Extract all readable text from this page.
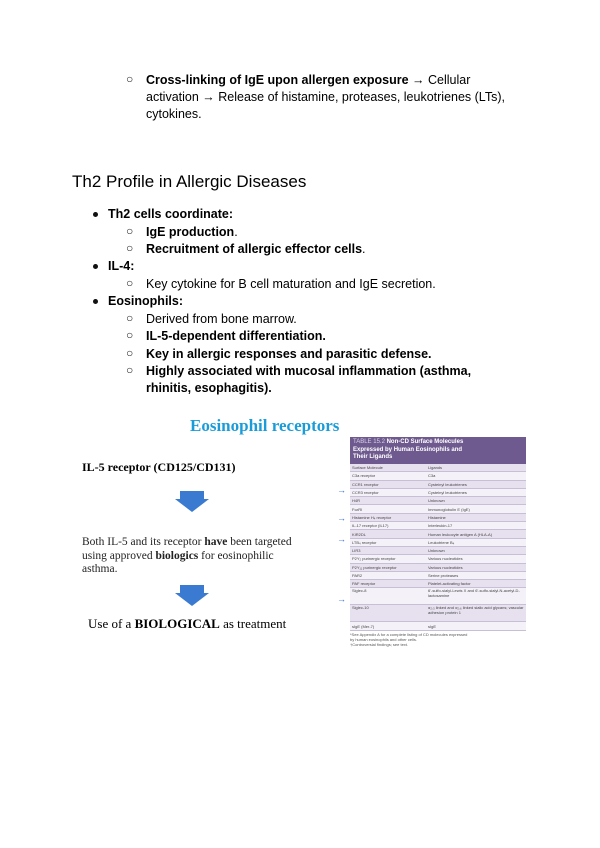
○ Cross-linking of IgE upon allergen exposure → Cellular
activation → Release of histamine, proteases, leukotrienes (LTs),
cytokines.
Th2 Profile in Allergic Diseases
Th2 cells coordinate:
○ IgE production.
○ Recruitment of allergic effector cells.
IL-4:
○ Key cytokine for B cell maturation and IgE secretion.
Eosinophils:
○ Derived from bone marrow.
○ IL-5-dependent differentiation.
○ Key in allergic responses and parasitic defense.
○ Highly associated with mucosal inflammation (asthma,
rhinitis, esophagitis).
Eosinophil receptors
IL-5 receptor (CD125/CD131)
Both IL-5 and its receptor have been targeted
using approved biologics for eosinophilic
asthma.
Use of a BIOLOGICAL as treatment
TABLE 15.2 Non-CD Surface Molecules
Expressed by Human Eosinophils and
Their Ligands
Surface Molecule	Ligands
C3a receptor	C3a
CCR1 receptor	Cysteinyl leukotrienes
CCR3 receptor	Cysteinyl leukotrienes
H4R	Unknown
FcεRI	Immunoglobulin E (IgE)
Histamine H₄ receptor	Histamine
IL-17 receptor (IL17)	Interleukin-17
KIR2DL	Human leukocyte antigen A (HLA-A)
LTB₄ receptor	Leukotriene B₄
LIR3	Unknown
P2Y₂ purinergic receptor	Various nucleotides
P2Y₁₁ purinergic receptor	Various nucleotides
PAR2	Serine proteases
PAF receptor	Platelet-activating factor
Siglec-8	6'-sulfo-sialyl-Lewis X and 6'-sulfo-sialyl-N-acetyl-D-lactosamine
Siglec-10	α₂,₃ linked and α₂,₆ linked sialic acid glycans; vascular adhesion protein 1
sIgE (Mer-7)	sIgE
*See Appendix A for a complete listing of CD molecules expressed
by human eosinophils and other cells.
†Controversial findings; see text.
→
→
→
→
